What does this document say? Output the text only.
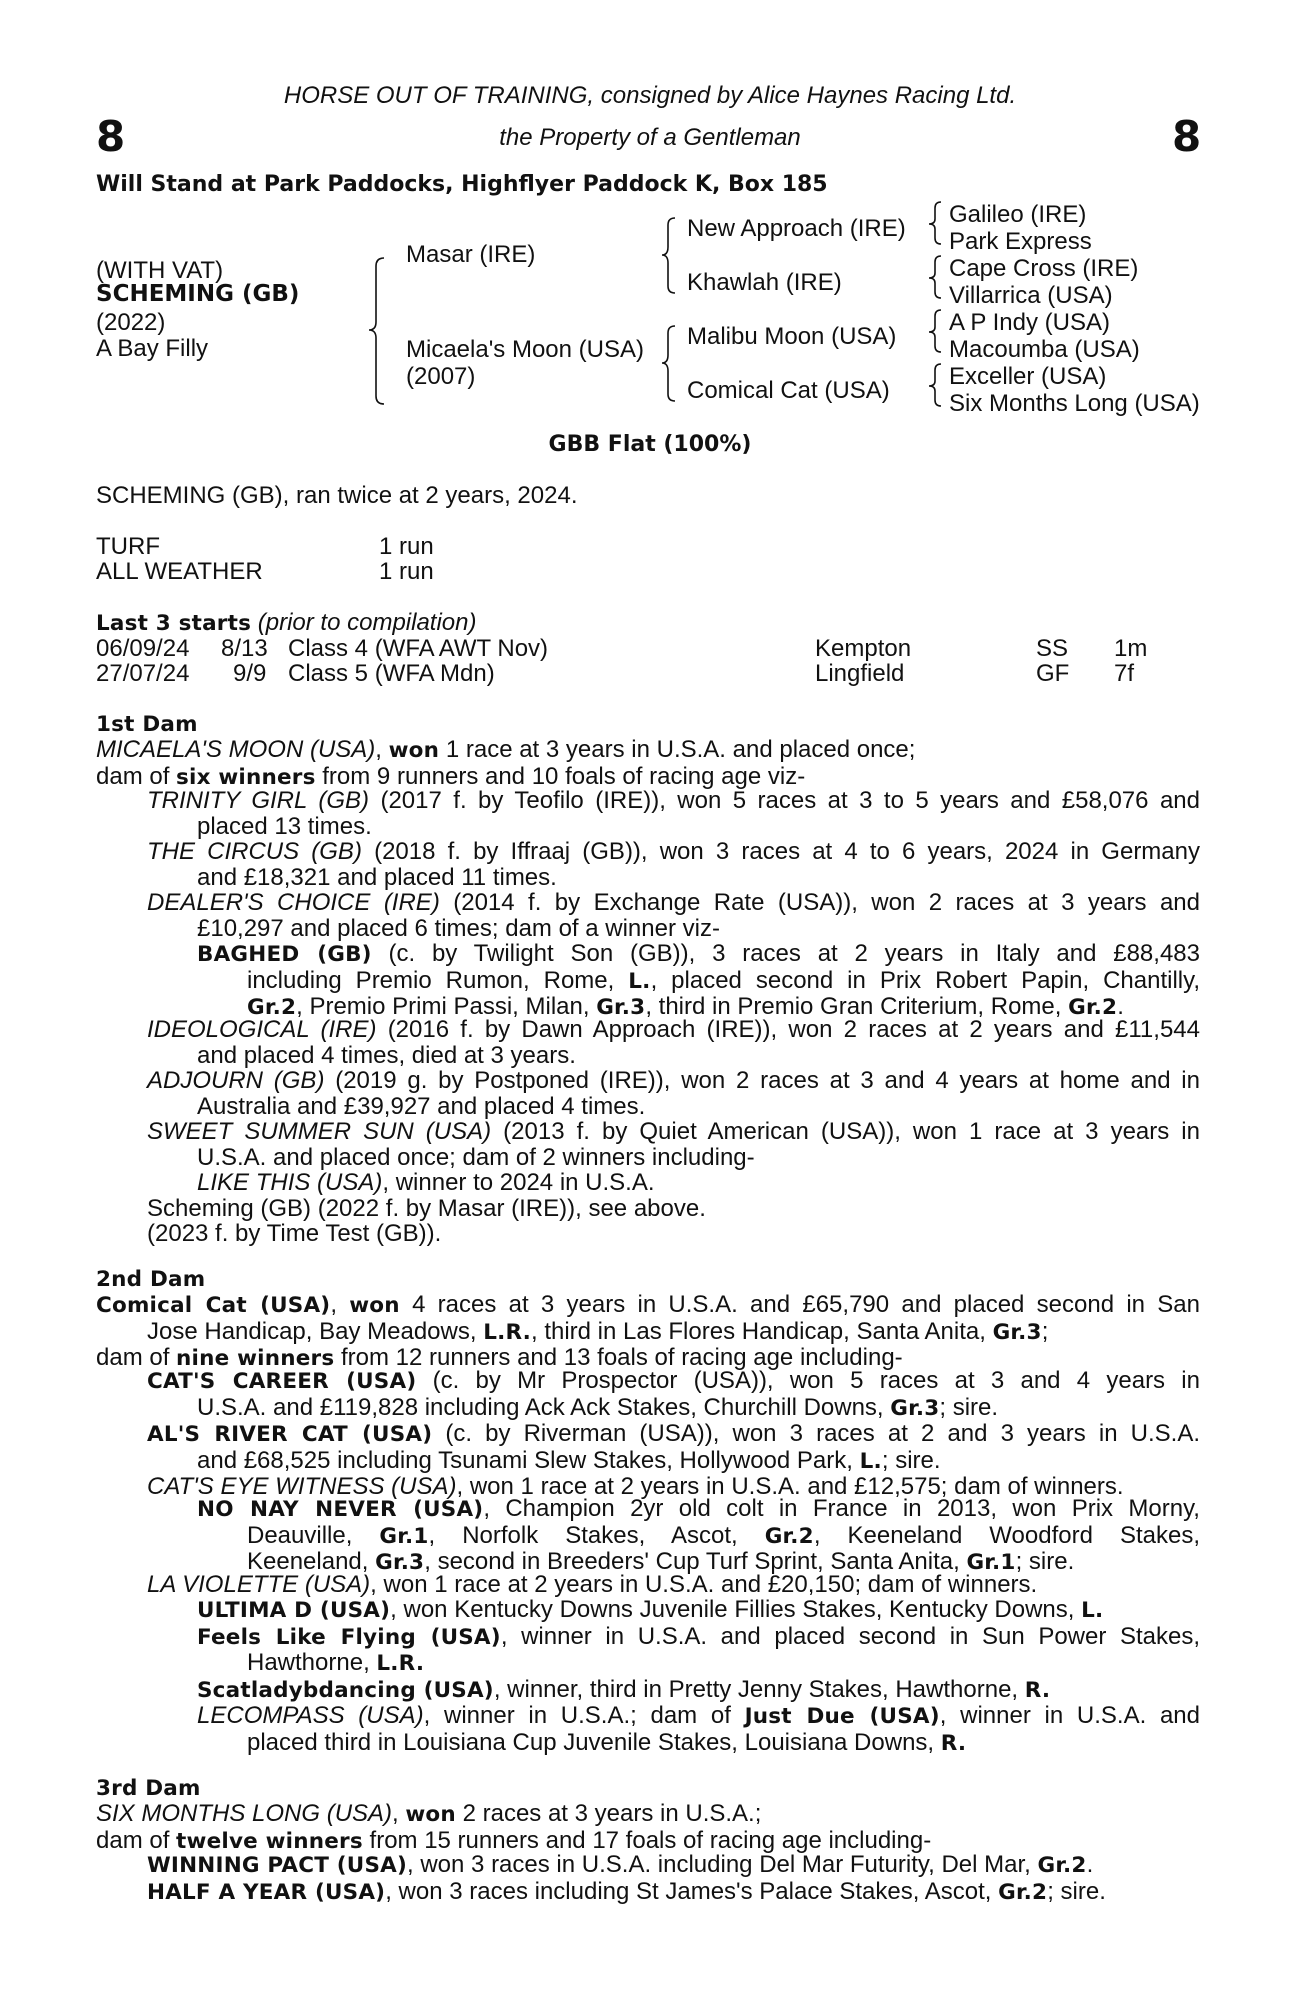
HORSE OUT OF TRAINING, consigned by Alice Haynes Racing Ltd.
the Property of a Gentleman
8	8
Will Stand at Park Paddocks, Highflyer Paddock K, Box 185
(WITH VAT)
SCHEMING (GB)
(2022)
A Bay Filly
Masar (IRE)
Micaela's Moon (USA)
(2007)
New Approach (IRE)
Khawlah (IRE)
Malibu Moon (USA)
Comical Cat (USA)
Galileo (IRE)
Park Express
Cape Cross (IRE)
Villarrica (USA)
A P Indy (USA)
Macoumba (USA)
Exceller (USA)
Six Months Long (USA)
GBB Flat (100%)
SCHEMING (GB), ran twice at 2 years, 2024.
TURF	1 run
ALL WEATHER	1 run
Last 3 starts (prior to compilation)
06/09/24 8/13 Class 4 (WFA AWT Nov)	Kempton	SS 1m
27/07/24 9/9 Class 5 (WFA Mdn)	Lingfield	GF 7f
1st Dam
MICAELA'S MOON (USA), won 1 race at 3 years in U.S.A. and placed once;
dam of six winners from 9 runners and 10 foals of racing age viz-
TRINITY GIRL (GB) (2017 f. by Teofilo (IRE)), won 5 races at 3 to 5 years and £58,076 and
placed 13 times.
THE CIRCUS (GB) (2018 f. by Iffraaj (GB)), won 3 races at 4 to 6 years, 2024 in Germany
and £18,321 and placed 11 times.
DEALER'S CHOICE (IRE) (2014 f. by Exchange Rate (USA)), won 2 races at 3 years and
£10,297 and placed 6 times; dam of a winner viz-
BAGHED (GB) (c. by Twilight Son (GB)), 3 races at 2 years in Italy and £88,483
including Premio Rumon, Rome, L., placed second in Prix Robert Papin, Chantilly,
Gr.2, Premio Primi Passi, Milan, Gr.3, third in Premio Gran Criterium, Rome, Gr.2.
IDEOLOGICAL (IRE) (2016 f. by Dawn Approach (IRE)), won 2 races at 2 years and £11,544
and placed 4 times, died at 3 years.
ADJOURN (GB) (2019 g. by Postponed (IRE)), won 2 races at 3 and 4 years at home and in
Australia and £39,927 and placed 4 times.
SWEET SUMMER SUN (USA) (2013 f. by Quiet American (USA)), won 1 race at 3 years in
U.S.A. and placed once; dam of 2 winners including-
LIKE THIS (USA), winner to 2024 in U.S.A.
Scheming (GB) (2022 f. by Masar (IRE)), see above.
(2023 f. by Time Test (GB)).
2nd Dam
Comical Cat (USA), won 4 races at 3 years in U.S.A. and £65,790 and placed second in San
Jose Handicap, Bay Meadows, L.R., third in Las Flores Handicap, Santa Anita, Gr.3;
dam of nine winners from 12 runners and 13 foals of racing age including-
CAT'S CAREER (USA) (c. by Mr Prospector (USA)), won 5 races at 3 and 4 years in
U.S.A. and £119,828 including Ack Ack Stakes, Churchill Downs, Gr.3; sire.
AL'S RIVER CAT (USA) (c. by Riverman (USA)), won 3 races at 2 and 3 years in U.S.A.
and £68,525 including Tsunami Slew Stakes, Hollywood Park, L.; sire.
CAT'S EYE WITNESS (USA), won 1 race at 2 years in U.S.A. and £12,575; dam of winners.
NO NAY NEVER (USA), Champion 2yr old colt in France in 2013, won Prix Morny,
Deauville, Gr.1, Norfolk Stakes, Ascot, Gr.2, Keeneland Woodford Stakes,
Keeneland, Gr.3, second in Breeders' Cup Turf Sprint, Santa Anita, Gr.1; sire.
LA VIOLETTE (USA), won 1 race at 2 years in U.S.A. and £20,150; dam of winners.
ULTIMA D (USA), won Kentucky Downs Juvenile Fillies Stakes, Kentucky Downs, L.
Feels Like Flying (USA), winner in U.S.A. and placed second in Sun Power Stakes,
Hawthorne, L.R.
Scatladybdancing (USA), winner, third in Pretty Jenny Stakes, Hawthorne, R.
LECOMPASS (USA), winner in U.S.A.; dam of Just Due (USA), winner in U.S.A. and
placed third in Louisiana Cup Juvenile Stakes, Louisiana Downs, R.
3rd Dam
SIX MONTHS LONG (USA), won 2 races at 3 years in U.S.A.;
dam of twelve winners from 15 runners and 17 foals of racing age including-
WINNING PACT (USA), won 3 races in U.S.A. including Del Mar Futurity, Del Mar, Gr.2.
HALF A YEAR (USA), won 3 races including St James's Palace Stakes, Ascot, Gr.2; sire.
